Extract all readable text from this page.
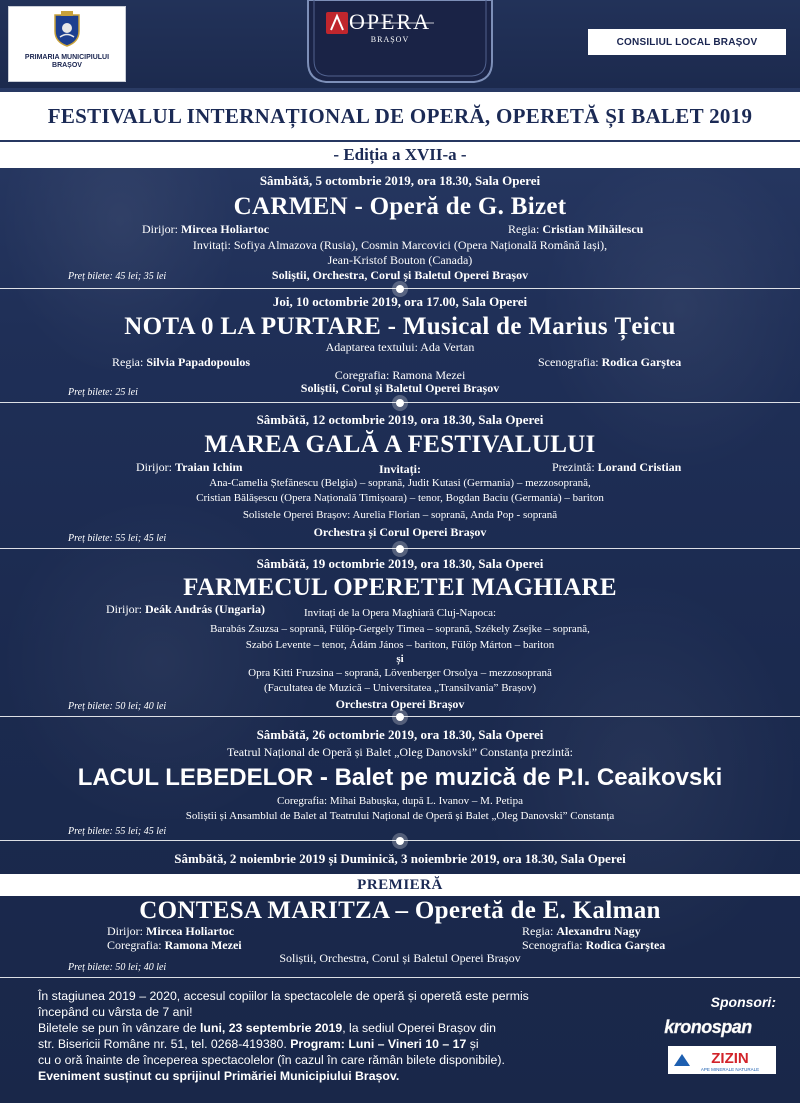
PRIMARIA MUNICIPIULUI BRAȘOV
OPERA
BRAȘOV	CONSILIUL LOCAL BRAȘOV
FESTIVALUL INTERNAȚIONAL DE OPERĂ, OPERETĂ ȘI BALET 2019
- Ediția a XVII-a -
Sâmbătă, 5 octombrie 2019, ora 18.30, Sala Operei
CARMEN - Operă de G. Bizet
Dirijor: Mircea Holiartoc	Regia: Cristian Mihăilescu
Invitați: Sofiya Almazova (Rusia), Cosmin Marcovici (Opera Națională Română Iași),
Jean-Kristof Bouton (Canada)
Soliștii, Orchestra, Corul și Baletul Operei Brașov
Preț bilete: 45 lei; 35 lei
Joi, 10 octombrie 2019, ora 17.00, Sala Operei
NOTA 0 LA PURTARE - Musical de Marius Țeicu
Adaptarea textului: Ada Vertan
Regia: Silvia Papadopoulos	Scenografia: Rodica Garștea
Coregrafia: Ramona Mezei
Soliștii, Corul și Baletul Operei Brașov
Preț bilete: 25 lei
Sâmbătă, 12 octombrie 2019, ora 18.30, Sala Operei
MAREA GALĂ A FESTIVALULUI
Dirijor: Traian Ichim	Invitați:	Prezintă: Lorand Cristian
Ana-Camelia Ștefănescu (Belgia) – soprană, Judit Kutasi (Germania) – mezzosoprană,
Cristian Bălășescu (Opera Națională Timișoara) – tenor, Bogdan Baciu (Germania) – bariton
Solistele Operei Brașov: Aurelia Florian – soprană, Anda Pop - soprană
Orchestra și Corul Operei Brașov
Preț bilete: 55 lei; 45 lei
Sâmbătă, 19 octombrie 2019, ora 18.30, Sala Operei
FARMECUL OPERETEI MAGHIARE
Dirijor: Deák András (Ungaria)	Invitați de la Opera Maghiară Cluj-Napoca:
Barabás Zsuzsa – soprană, Fülöp-Gergely Timea – soprană, Székely Zsejke – soprană,
Szabó Levente – tenor, Ádám János – bariton, Fülöp Márton – bariton
și
Opra Kitti Fruzsina – soprană, Lövenberger Orsolya – mezzosoprană
(Facultatea de Muzică – Universitatea „Transilvania” Brașov)
Orchestra Operei Brașov
Preț bilete: 50 lei; 40 lei
Sâmbătă, 26 octombrie 2019, ora 18.30, Sala Operei
Teatrul Național de Operă și Balet „Oleg Danovski” Constanța prezintă:
LACUL LEBEDELOR - Balet pe muzică de P.I. Ceaikovski
Coregrafia: Mihai Babușka, după L. Ivanov – M. Petipa
Soliștii și Ansamblul de Balet al Teatrului Național de Operă și Balet „Oleg Danovski” Constanța
Preț bilete: 55 lei; 45 lei
Sâmbătă, 2 noiembrie 2019 și Duminică, 3 noiembrie 2019, ora 18.30, Sala Operei
PREMIERĂ
CONTESA MARITZA – Operetă de E. Kalman
Dirijor: Mircea Holiartoc	Regia: Alexandru Nagy
Coregrafia: Ramona Mezei	Scenografia: Rodica Garștea
Soliștii, Orchestra, Corul și Baletul Operei Brașov
Preț bilete: 50 lei; 40 lei

În stagiunea 2019 – 2020, accesul copiilor la spectacolele de operă și operetă este permis

începând cu vârsta de 7 ani!

Biletele se pun în vânzare de luni, 23 septembrie 2019, la sediul Operei Brașov din

str. Bisericii Române nr. 51, tel. 0268-419380. Program: Luni – Vineri 10 – 17 și

cu o oră înainte de începerea spectacolelor (în cazul în care rămân bilete disponibile).

Eveniment susținut cu sprijinul Primăriei Municipiului Brașov.

Sponsori:
kronospan
ZIZIN
APE MINERALE NATURALE
